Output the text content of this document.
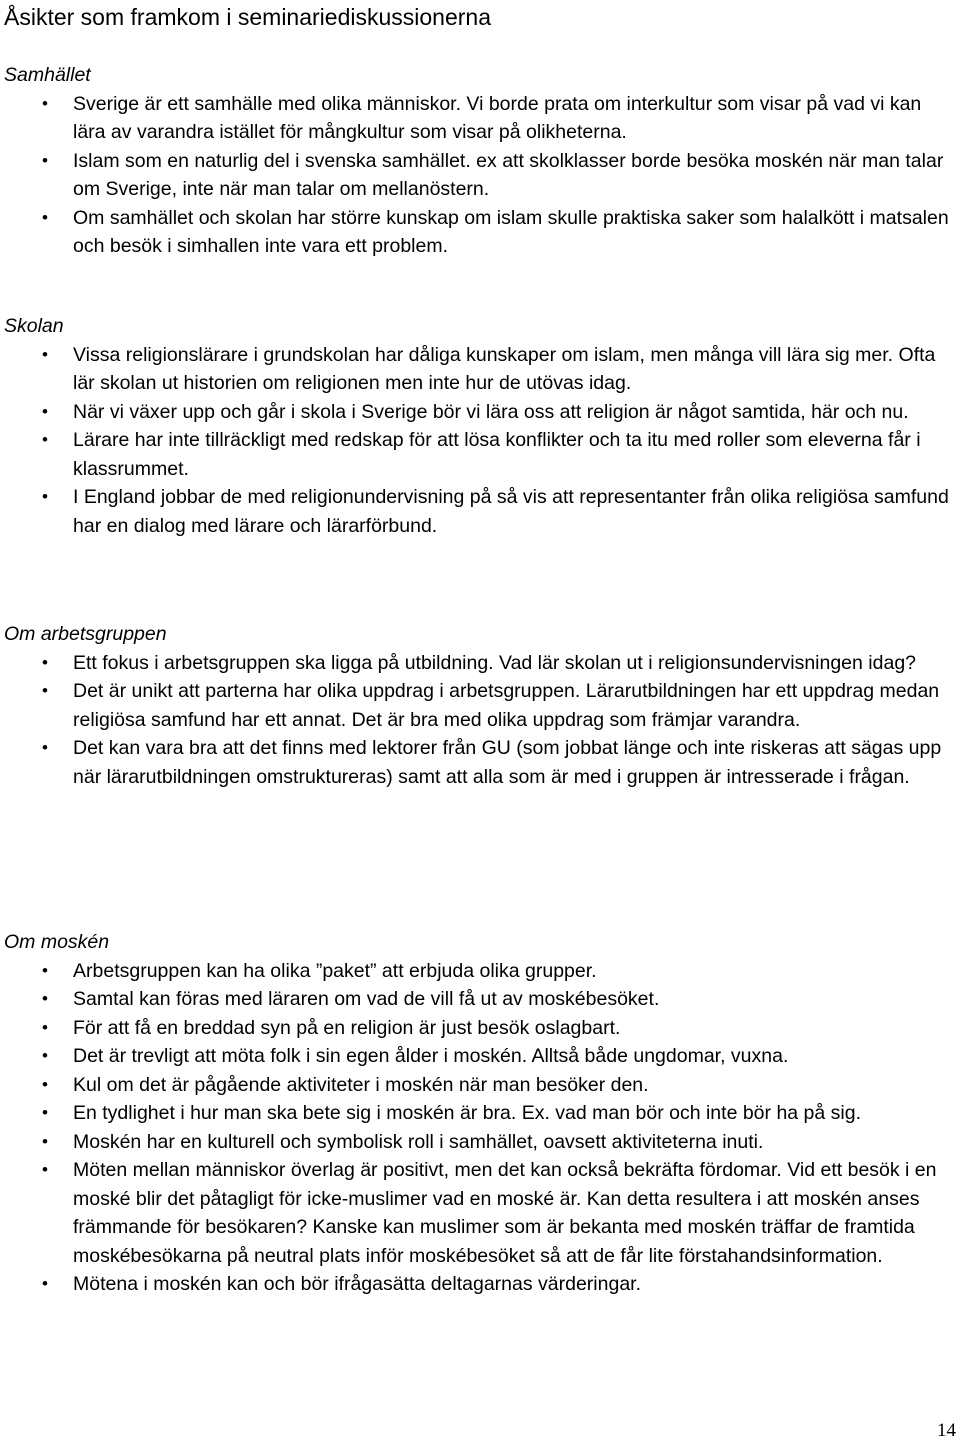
Åsikter som framkom i seminariediskussionerna
Samhället
• Sverige är ett samhälle med olika människor. Vi borde prata om interkultur som visar på vad vi kan lära av varandra istället för mångkultur som visar på olikheterna.
• Islam som en naturlig del i svenska samhället. ex att skolklasser borde besöka moskén när man talar om Sverige, inte när man talar om mellanöstern.
• Om samhället och skolan har större kunskap om islam skulle praktiska saker som halalkött i matsalen och besök i simhallen inte vara ett problem.
Skolan
• Vissa religionslärare i grundskolan har dåliga kunskaper om islam, men många vill lära sig mer. Ofta lär skolan ut historien om religionen men inte hur de utövas idag.
• När vi växer upp och går i skola i Sverige bör vi lära oss att religion är något samtida, här och nu.
• Lärare har inte tillräckligt med redskap för att lösa konflikter och ta itu med roller som eleverna får i klassrummet.
• I England jobbar de med religionundervisning på så vis att representanter från olika religiösa samfund har en dialog med lärare och lärarförbund.
Om arbetsgruppen
• Ett fokus i arbetsgruppen ska ligga på utbildning. Vad lär skolan ut i religionsundervisningen idag?
• Det är unikt att parterna har olika uppdrag i arbetsgruppen. Lärarutbildningen har ett uppdrag medan religiösa samfund har ett annat. Det är bra med olika uppdrag som främjar varandra.
• Det kan vara bra att det finns med lektorer från GU (som jobbat länge och inte riskeras att sägas upp när lärarutbildningen omstruktureras) samt att alla som är med i gruppen är intresserade i frågan.
Om moskén
• Arbetsgruppen kan ha olika ”paket” att erbjuda olika grupper.
• Samtal kan föras med läraren om vad de vill få ut av moskébesöket.
• För att få en breddad syn på en religion är just besök oslagbart.
• Det är trevligt att möta folk i sin egen ålder i moskén. Alltså både ungdomar, vuxna.
• Kul om det är pågående aktiviteter i moskén när man besöker den.
• En tydlighet i hur man ska bete sig i moskén är bra. Ex. vad man bör och inte bör ha på sig.
• Moskén har en kulturell och symbolisk roll i samhället, oavsett aktiviteterna inuti.
• Möten mellan människor överlag är positivt, men det kan också bekräfta fördomar. Vid ett besök i en moské blir det påtagligt för icke-muslimer vad en moské är. Kan detta resultera i att moskén anses främmande för besökaren? Kanske kan muslimer som är bekanta med moskén träffar de framtida moskébesökarna på neutral plats inför moskébesöket så att de får lite förstahandsinformation.
• Mötena i moskén kan och bör ifrågasätta deltagarnas värderingar.
14
